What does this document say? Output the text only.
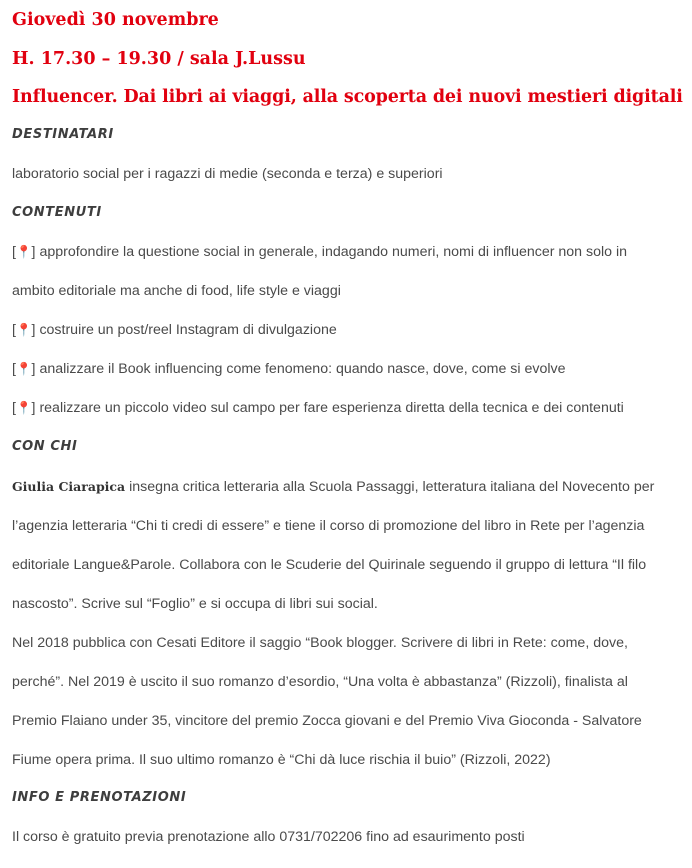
Giovedì 30 novembre
H. 17.30 – 19.30 / sala J.Lussu
Influencer. Dai libri ai viaggi, alla scoperta dei nuovi mestieri digitali
DESTINATARI
laboratorio social per i ragazzi di medie (seconda e terza) e superiori
CONTENUTI
[📍] approfondire la questione social in generale, indagando numeri, nomi di influencer non solo in
ambito editoriale ma anche di food, life style e viaggi
[📍] costruire un post/reel Instagram di divulgazione
[📍] analizzare il Book influencing come fenomeno: quando nasce, dove, come si evolve
[📍] realizzare un piccolo video sul campo per fare esperienza diretta della tecnica e dei contenuti
CON CHI
Giulia Ciarapica insegna critica letteraria alla Scuola Passaggi, letteratura italiana del Novecento per
l’agenzia letteraria “Chi ti credi di essere” e tiene il corso di promozione del libro in Rete per l’agenzia
editoriale Langue&Parole. Collabora con le Scuderie del Quirinale seguendo il gruppo di lettura “Il filo
nascosto”. Scrive sul “Foglio” e si occupa di libri sui social.
Nel 2018 pubblica con Cesati Editore il saggio “Book blogger. Scrivere di libri in Rete: come, dove,
perché”. Nel 2019 è uscito il suo romanzo d’esordio, “Una volta è abbastanza” (Rizzoli), finalista al
Premio Flaiano under 35, vincitore del premio Zocca giovani e del Premio Viva Gioconda - Salvatore
Fiume opera prima. Il suo ultimo romanzo è “Chi dà luce rischia il buio” (Rizzoli, 2022)
INFO E PRENOTAZIONI
Il corso è gratuito previa prenotazione allo 0731/702206 fino ad esaurimento posti
